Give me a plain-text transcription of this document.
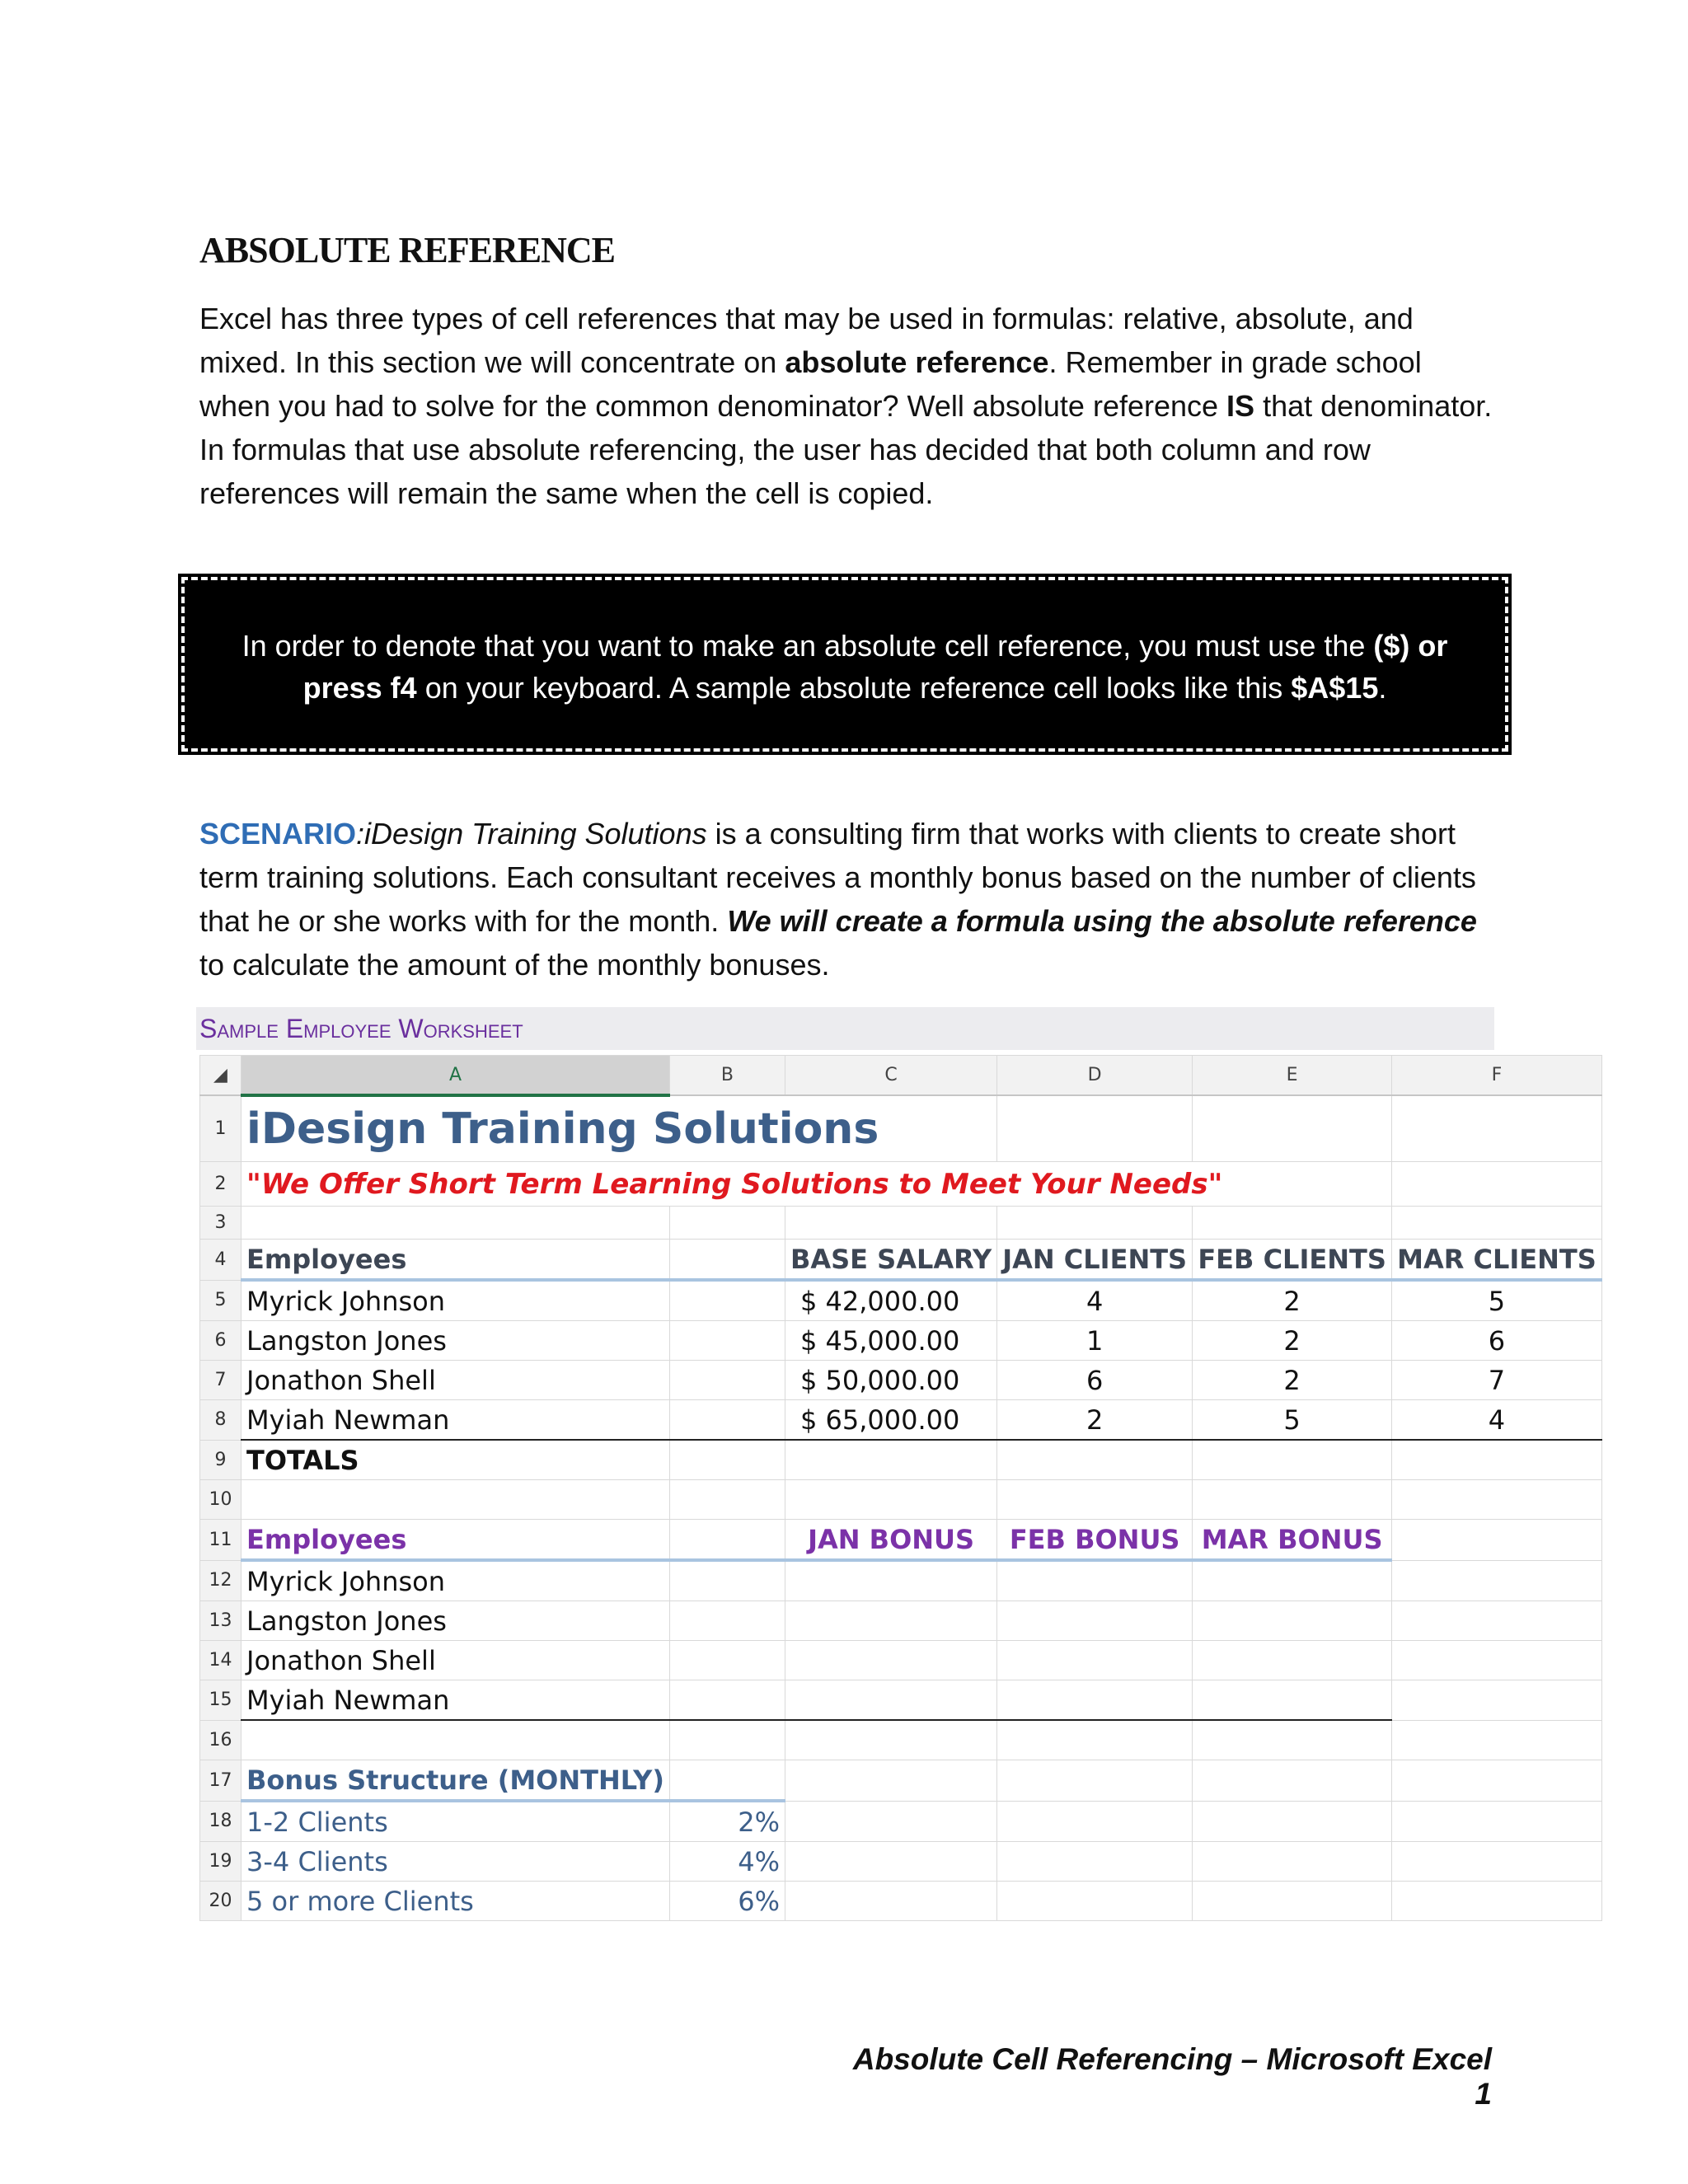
ABSOLUTE REFERENCE

Excel has three types of cell references that may be used in formulas: relative, absolute, and mixed. In this section we will concentrate on absolute reference. Remember in grade school when you had to solve for the common denominator? Well absolute reference IS that denominator. In formulas that use absolute referencing, the user has decided that both column and row references will remain the same when the cell is copied.

In order to denote that you want to make an absolute cell reference, you must use the ($) or press f4 on your keyboard. A sample absolute reference cell looks like this $A$15.

SCENARIO:iDesign Training Solutions is a consulting firm that works with clients to create short term training solutions. Each consultant receives a monthly bonus based on the number of clients that he or she works with for the month. We will create a formula using the absolute reference to calculate the amount of the monthly bonuses.

Sample Employee Worksheet
◢	A	B	C	D	E	F
1	iDesign Training Solutions					
2	"We Offer Short Term Learning Solutions to Meet Your Needs"					
3						
4	Employees		BASE SALARY	JAN CLIENTS	FEB CLIENTS	MAR CLIENTS
5	Myrick Johnson		$ 42,000.00	4	2	5
6	Langston Jones		$ 45,000.00	1	2	6
7	Jonathon Shell		$ 50,000.00	6	2	7
8	Myiah Newman		$ 65,000.00	2	5	4
9	TOTALS					
10						
11	Employees		JAN BONUS	FEB BONUS	MAR BONUS	
12	Myrick Johnson					
13	Langston Jones					
14	Jonathon Shell					
15	Myiah Newman					
16						
17	Bonus Structure (MONTHLY)					
18	1-2 Clients	2%				
19	3-4 Clients	4%				
20	5 or more Clients	6%				
Absolute Cell Referencing – Microsoft Excel1
